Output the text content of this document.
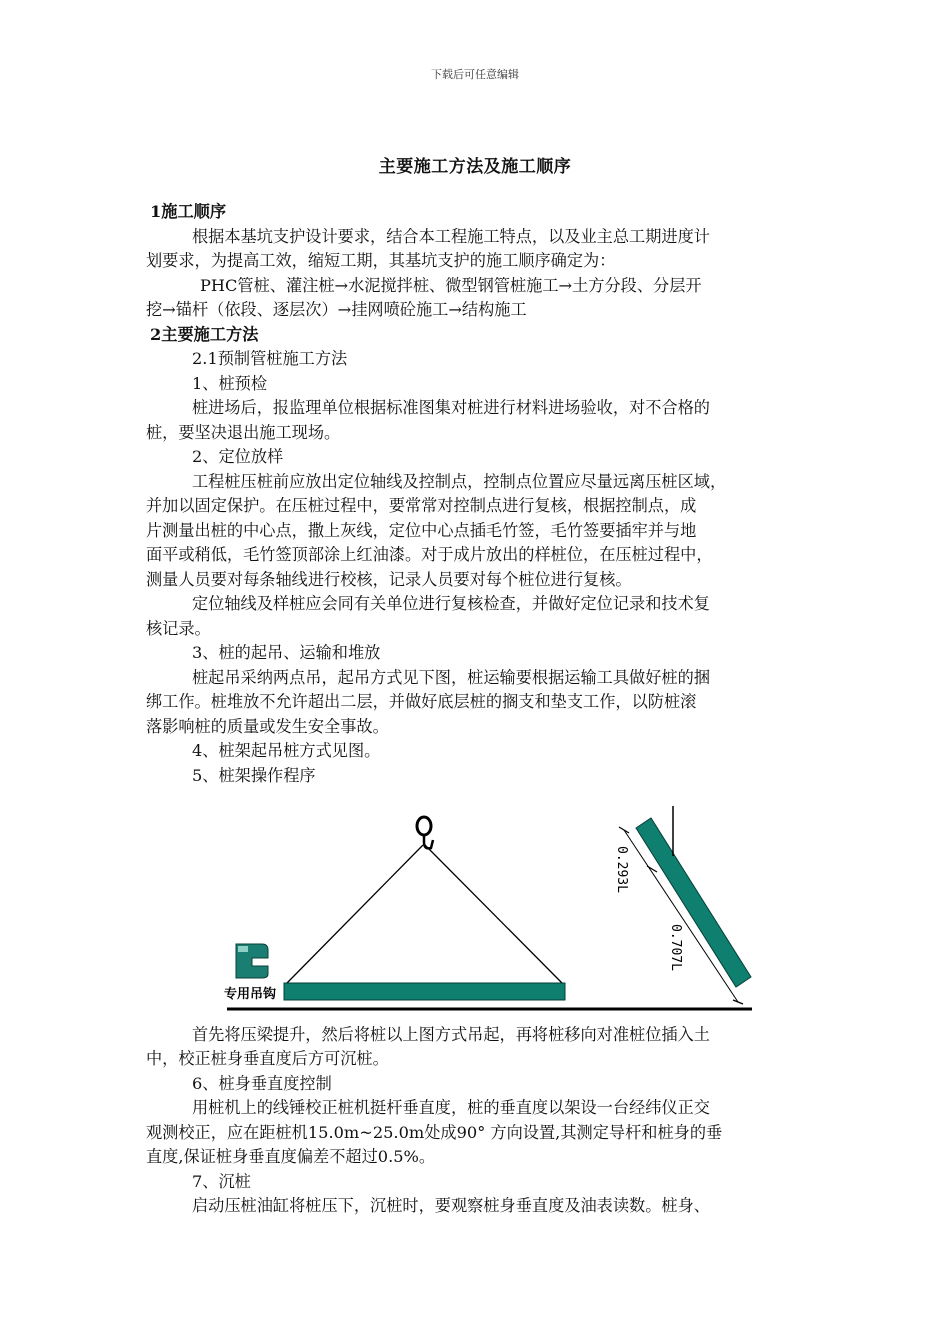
下载后可任意编辑
主要施工方法及施工顺序
1施工顺序
根据本基坑支护设计要求，结合本工程施工特点，以及业主总工期进度计
划要求，为提高工效，缩短工期，其基坑支护的施工顺序确定为：
PHC管桩、灌注桩→水泥搅拌桩、微型钢管桩施工→土方分段、分层开
挖→锚杆（依段、逐层次）→挂网喷砼施工→结构施工
2主要施工方法
2.1预制管桩施工方法
1、桩预检
桩进场后，报监理单位根据标准图集对桩进行材料进场验收，对不合格的
桩，要坚决退出施工现场。
2、定位放样
工程桩压桩前应放出定位轴线及控制点，控制点位置应尽量远离压桩区域，
并加以固定保护。在压桩过程中，要常常对控制点进行复核，根据控制点，成
片测量出桩的中心点，撒上灰线，定位中心点插毛竹签，毛竹签要插牢并与地
面平或稍低，毛竹签顶部涂上红油漆。对于成片放出的样桩位，在压桩过程中，
测量人员要对每条轴线进行校核，记录人员要对每个桩位进行复核。
定位轴线及样桩应会同有关单位进行复核检查，并做好定位记录和技术复
核记录。
3、桩的起吊、运输和堆放
桩起吊采纳两点吊，起吊方式见下图，桩运输要根据运输工具做好桩的捆
绑工作。桩堆放不允许超出二层，并做好底层桩的搁支和垫支工作，以防桩滚
落影响桩的质量或发生安全事故。
4、桩架起吊桩方式见图。
5、桩架操作程序
专用吊钩
0.293L
0.707L
首先将压梁提升，然后将桩以上图方式吊起，再将桩移向对准桩位插入土
中，校正桩身垂直度后方可沉桩。
6、桩身垂直度控制
用桩机上的线锤校正桩机挺杆垂直度，桩的垂直度以架设一台经纬仪正交
观测校正，应在距桩机15.0m~25.0m处成90° 方向设置,其测定导杆和桩身的垂
直度,保证桩身垂直度偏差不超过0.5%。
7、沉桩
启动压桩油缸将桩压下，沉桩时，要观察桩身垂直度及油表读数。桩身、
